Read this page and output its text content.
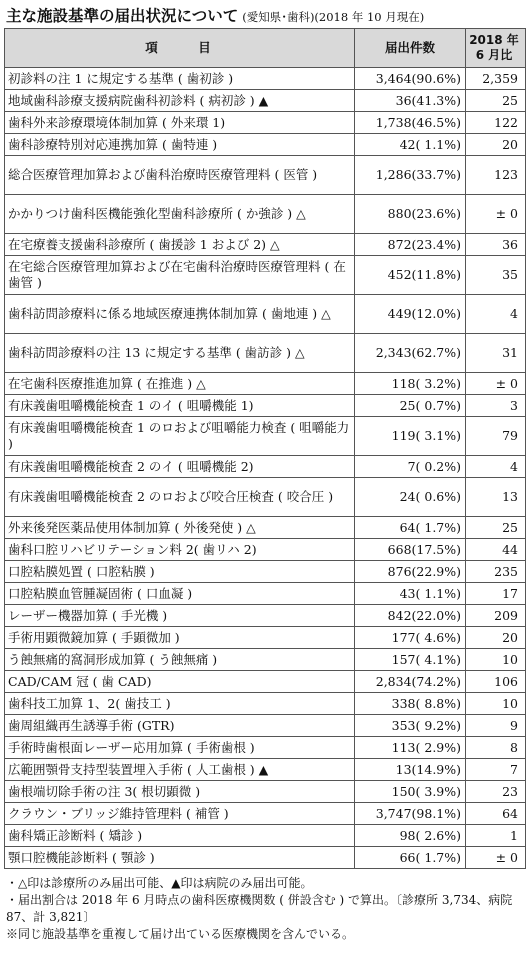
主な施設基準の届出状況について (愛知県･歯科)(2018 年 10 月現在)
項　目	届出件数	2018 年
6 月比

初診料の注 1 に規定する基準 ( 歯初診 )	3,464(90.6%)	2,359
地域歯科診療支援病院歯科初診料 ( 病初診 ) ▲	36(41.3%)	25
歯科外来診療環境体制加算 ( 外来環 1)	1,738(46.5%)	122
歯科診療特別対応連携加算 ( 歯特連 )	42( 1.1%)	20
総合医療管理加算および歯科治療時医療管理料 ( 医管 )	1,286(33.7%)	123
かかりつけ歯科医機能強化型歯科診療所 ( か強診 ) △	880(23.6%)	± 0
在宅療養支援歯科診療所 ( 歯援診 1 および 2) △	872(23.4%)	36
在宅総合医療管理加算および在宅歯科治療時医療管理料 ( 在歯管 )	452(11.8%)	35
歯科訪問診療料に係る地域医療連携体制加算 ( 歯地連 ) △	449(12.0%)	4
歯科訪問診療料の注 13 に規定する基準 ( 歯訪診 ) △	2,343(62.7%)	31
在宅歯科医療推進加算 ( 在推進 ) △	118( 3.2%)	± 0
有床義歯咀嚼機能検査 1 のイ ( 咀嚼機能 1)	25( 0.7%)	3
有床義歯咀嚼機能検査 1 のロおよび咀嚼能力検査 ( 咀嚼能力 )	119( 3.1%)	79
有床義歯咀嚼機能検査 2 のイ ( 咀嚼機能 2)	7( 0.2%)	4
有床義歯咀嚼機能検査 2 のロおよび咬合圧検査 ( 咬合圧 )	24( 0.6%)	13
外来後発医薬品使用体制加算 ( 外後発使 ) △	64( 1.7%)	25
歯科口腔リハビリテーション料 2( 歯リハ 2)	668(17.5%)	44
口腔粘膜処置 ( 口腔粘膜 )	876(22.9%)	235
口腔粘膜血管腫凝固術 ( 口血凝 )	43( 1.1%)	17
レーザー機器加算 ( 手光機 )	842(22.0%)	209
手術用顕微鏡加算 ( 手顕微加 )	177( 4.6%)	20
う蝕無痛的窩洞形成加算 ( う蝕無痛 )	157( 4.1%)	10
CAD/CAM 冠 ( 歯 CAD)	2,834(74.2%)	106
歯科技工加算 1、2( 歯技工 )	338( 8.8%)	10
歯周組織再生誘導手術 (GTR)	353( 9.2%)	9
手術時歯根面レーザー応用加算 ( 手術歯根 )	113( 2.9%)	8
広範囲顎骨支持型装置埋入手術 ( 人工歯根 ) ▲	13(14.9%)	7
歯根端切除手術の注 3( 根切顕微 )	150( 3.9%)	23
クラウン・ブリッジ維持管理料 ( 補管 )	3,747(98.1%)	64
歯科矯正診断料 ( 矯診 )	98( 2.6%)	1
顎口腔機能診断料 ( 顎診 )	66( 1.7%)	± 0
・△印は診療所のみ届出可能、▲印は病院のみ届出可能。
・届出割合は 2018 年 6 月時点の歯科医療機関数 ( 併設含む ) で算出。〔診療所 3,734、病院 87、計 3,821〕
※同じ施設基準を重複して届け出ている医療機関を含んでいる。
